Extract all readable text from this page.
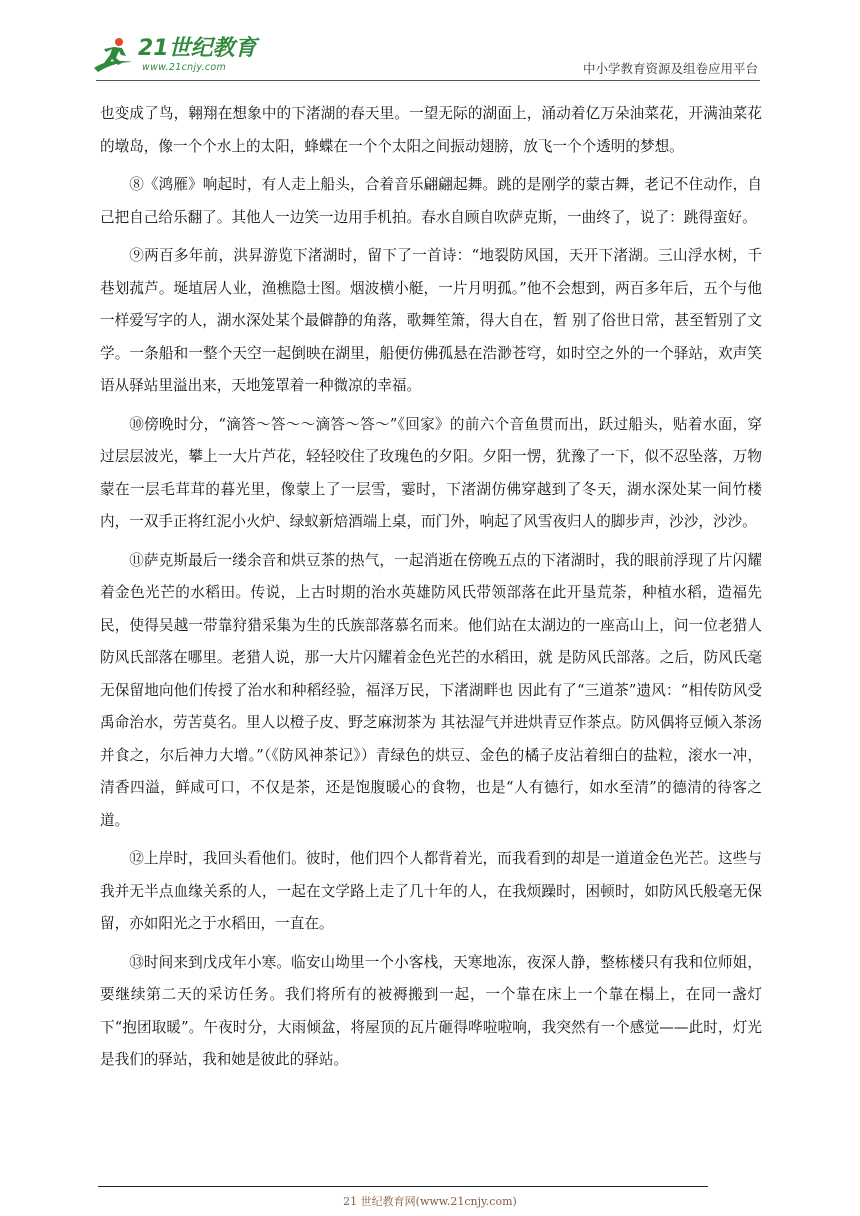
21世纪教育
www.21cnjy.com	中小学教育资源及组卷应用平台

也变成了鸟，翱翔在想象中的下渚湖的春天里。一望无际的湖面上，涌动着亿万朵油菜花，开满油菜花的墩岛，像一个个水上的太阳，蜂蝶在一个个太阳之间振动翅膀，放飞一个个透明的梦想。

⑧《鸿雁》响起时，有人走上船头，合着音乐翩翩起舞。跳的是刚学的蒙古舞，老记不住动作，自己把自己给乐翻了。其他人一边笑一边用手机拍。春水自顾自吹萨克斯，一曲终了，说了：跳得蛮好。

⑨两百多年前，洪昇游览下渚湖时，留下了一首诗：“地裂防风国，天开下渚湖。三山浮水树，千巷划菰芦。埏埴居人业，渔樵隐士图。烟波横小艇，一片月明孤。”他不会想到，两百多年后，五个与他一样爱写字的人，湖水深处某个最僻静的角落，歌舞笙箫，得大自在，暂 别了俗世日常，甚至暂别了文学。一条船和一整个天空一起倒映在湖里，船便仿佛孤悬在浩渺苍穹，如时空之外的一个驿站，欢声笑语从驿站里溢出来，天地笼罩着一种微凉的幸福。

⑩傍晚时分，“滴答～答～～滴答～答～”《回家》的前六个音鱼贯而出，跃过船头，贴着水面，穿过层层波光，攀上一大片芦花，轻轻咬住了玫瑰色的夕阳。夕阳一愣，犹豫了一下，似不忍坠落，万物蒙在一层毛茸茸的暮光里，像蒙上了一层雪，霎时，下渚湖仿佛穿越到了冬天，湖水深处某一间竹楼内，一双手正将红泥小火炉、绿蚁新焙酒端上桌，而门外，响起了风雪夜归人的脚步声，沙沙，沙沙。

⑪萨克斯最后一缕余音和烘豆茶的热气，一起消逝在傍晚五点的下渚湖时，我的眼前浮现了片闪耀着金色光芒的水稻田。传说，上古时期的治水英雄防风氏带领部落在此开垦荒荼，种植水稻，造福先民，使得吴越一带靠狩猎采集为生的氏族部落慕名而来。他们站在太湖边的一座高山上，问一位老猎人防风氏部落在哪里。老猎人说，那一大片闪耀着金色光芒的水稻田，就 是防风氏部落。之后，防风氏毫无保留地向他们传授了治水和种稻经验，福泽万民，下渚湖畔也 因此有了“三道茶”遗风：“相传防风受禹命治水，劳苦莫名。里人以橙子皮、野芝麻沏茶为 其祛湿气并进烘青豆作茶点。防风偶将豆倾入茶汤并食之，尔后神力大增。”（《防风神茶记》）青绿色的烘豆、金色的橘子皮沾着细白的盐粒，滚水一冲，清香四溢，鲜咸可口，不仅是茶，还是饱腹暖心的食物，也是“人有德行，如水至清”的德清的待客之道。

⑫上岸时，我回头看他们。彼时，他们四个人都背着光，而我看到的却是一道道金色光芒。这些与我并无半点血缘关系的人，一起在文学路上走了几十年的人，在我烦躁时，困顿时，如防风氏般毫无保留，亦如阳光之于水稻田，一直在。

⑬时间来到戊戌年小寒。临安山坳里一个小客栈，天寒地冻，夜深人静，整栋楼只有我和位师姐，要继续第二天的采访任务。我们将所有的被褥搬到一起，一个靠在床上一个靠在榻上，在同一盏灯下“抱团取暖”。午夜时分，大雨倾盆，将屋顶的瓦片砸得哗啦啦响，我突然有一个感觉——此时，灯光是我们的驿站，我和她是彼此的驿站。

21 世纪教育网(www.21cnjy.com)
